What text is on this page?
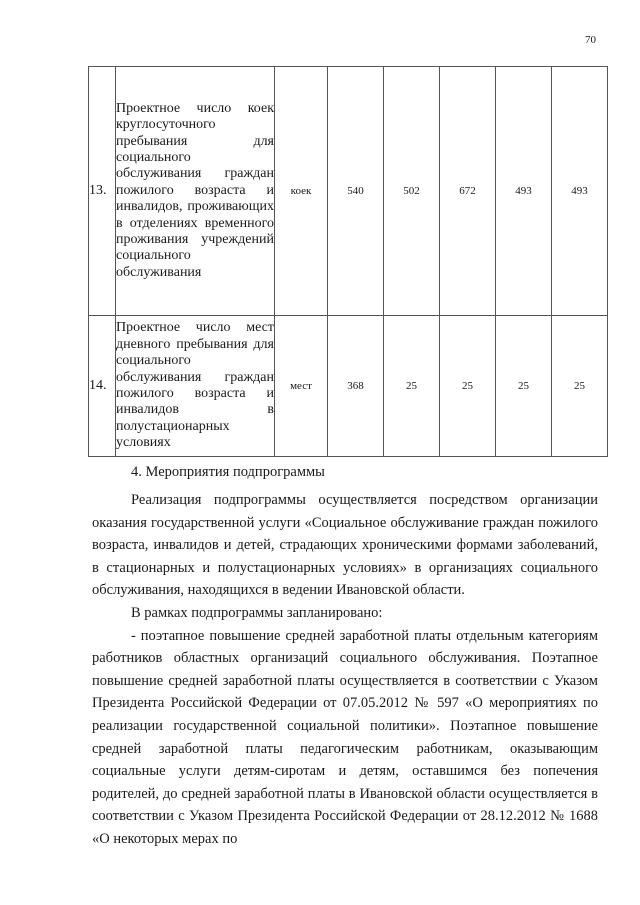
70
13.	Проектное число коек круглосуточного пребывания для социального обслуживания граждан пожилого возраста и инвалидов, проживающих в отделениях временного проживания учреждений социального обслуживания	коек	540	502	672	493	493
14.	Проектное число мест дневного пребывания для социального обслуживания граждан пожилого возраста и инвалидов в полустационарных условиях	мест	368	25	25	25	25
4. Мероприятия подпрограммы

Реализация подпрограммы осуществляется посредством организации оказания государственной услуги «Социальное обслуживание граждан пожилого возраста, инвалидов и детей, страдающих хроническими формами заболеваний, в стационарных и полустационарных условиях» в организациях социального обслуживания, находящихся в ведении Ивановской области.

В рамках подпрограммы запланировано:

- поэтапное повышение средней заработной платы отдельным категориям работников областных организаций социального обслуживания. Поэтапное повышение средней заработной платы осуществляется в соответствии с Указом Президента Российской Федерации от 07.05.2012 № 597 «О мероприятиях по реализации государственной социальной политики». Поэтапное повышение средней заработной платы педагогическим работникам, оказывающим социальные услуги детям-сиротам и детям, оставшимся без попечения родителей, до средней заработной платы в Ивановской области осуществляется в соответствии с Указом Президента Российской Федерации от 28.12.2012 № 1688 «О некоторых мерах по
